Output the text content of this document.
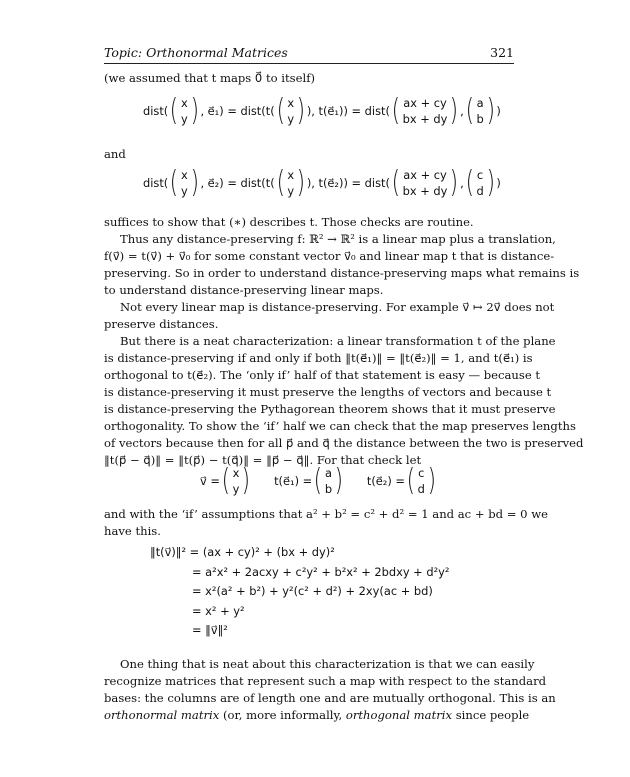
Topic: Orthonormal Matrices	321
(we assumed that t maps 0⃗ to itself)
dist( ( x
y ) , e⃗₁) = dist(t( ( x
y ) ), t(e⃗₁)) = dist( ( ax + cy
bx + dy ) , ( a
b ) )
and
dist( ( x
y ) , e⃗₂) = dist(t( ( x
y ) ), t(e⃗₂)) = dist( ( ax + cy
bx + dy ) , ( c
d ) )
suffices to show that (∗) describes t. Those checks are routine.
Thus any distance-preserving f: ℝ² → ℝ² is a linear map plus a translation,
f(v⃗) = t(v⃗) + v⃗₀ for some constant vector v⃗₀ and linear map t that is distance-
preserving. So in order to understand distance-preserving maps what remains is
to understand distance-preserving linear maps.
Not every linear map is distance-preserving. For example v⃗ ↦ 2v⃗ does not
preserve distances.
But there is a neat characterization: a linear transformation t of the plane
is distance-preserving if and only if both ‖t(e⃗₁)‖ = ‖t(e⃗₂)‖ = 1, and t(e⃗₁) is
orthogonal to t(e⃗₂). The ‘only if’ half of that statement is easy — because t
is distance-preserving it must preserve the lengths of vectors and because t
is distance-preserving the Pythagorean theorem shows that it must preserve
orthogonality. To show the ‘if’ half we can check that the map preserves lengths
of vectors because then for all p⃗ and q⃗ the distance between the two is preserved
‖t(p⃗ − q⃗)‖ = ‖t(p⃗) − t(q⃗)‖ = ‖p⃗ − q⃗‖. For that check let
v⃗ = ( x
y ) t(e⃗₁) = ( a
b ) t(e⃗₂) = ( c
d )
and with the ‘if’ assumptions that a² + b² = c² + d² = 1 and ac + bd = 0 we
have this.
‖t(v⃗)‖² = (ax + cy)² + (bx + dy)²
= a²x² + 2acxy + c²y² + b²x² + 2bdxy + d²y²
= x²(a² + b²) + y²(c² + d²) + 2xy(ac + bd)
= x² + y²
= ‖v⃗‖²
One thing that is neat about this characterization is that we can easily
recognize matrices that represent such a map with respect to the standard
bases: the columns are of length one and are mutually orthogonal. This is an
orthonormal matrix (or, more informally, orthogonal matrix since people
